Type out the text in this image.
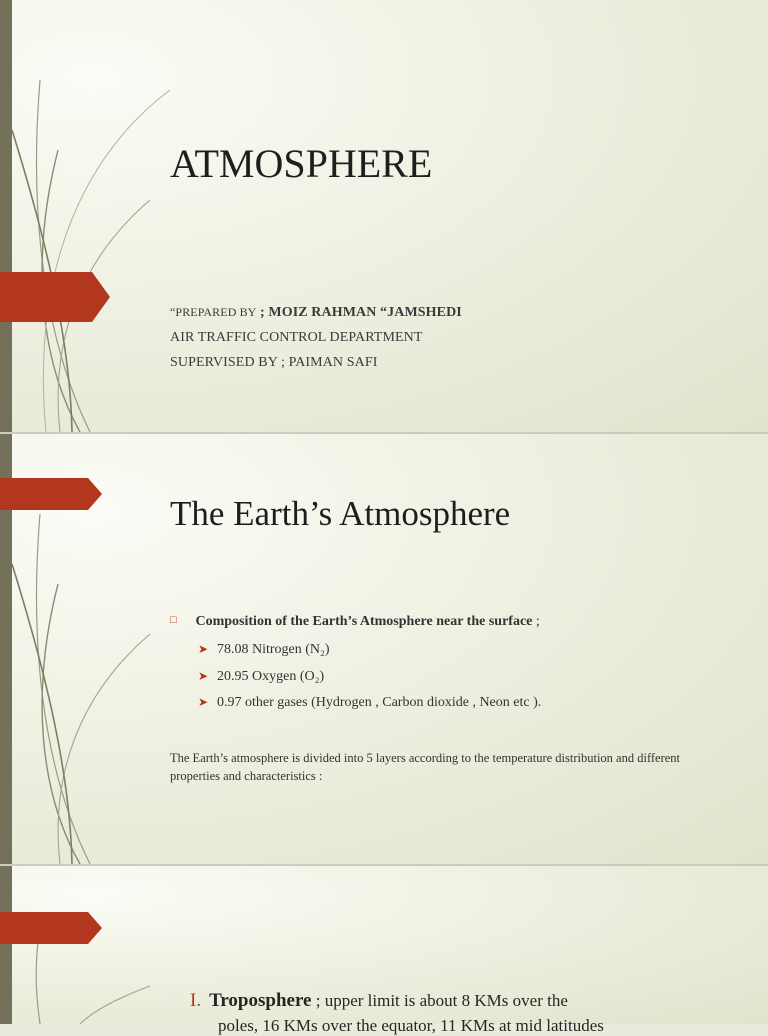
ATMOSPHERE
“PREPARED BY ; MOIZ RAHMAN “JAMSHEDI
AIR TRAFFIC CONTROL DEPARTMENT
SUPERVISED BY ; PAIMAN SAFI
The Earth’s Atmosphere
□ Composition of the Earth’s Atmosphere near the surface ;
➤ 78.08 Nitrogen (N₂)
➤ 20.95 Oxygen (O₂)
➤ 0.97 other gases (Hydrogen , Carbon dioxide , Neon etc ).
The Earth’s atmosphere is divided into 5 layers according to the temperature distribution and different properties and characteristics :
I. Troposphere ; upper limit is about 8 KMs over the
poles, 16 KMs over the equator, 11 KMs at mid latitudes
